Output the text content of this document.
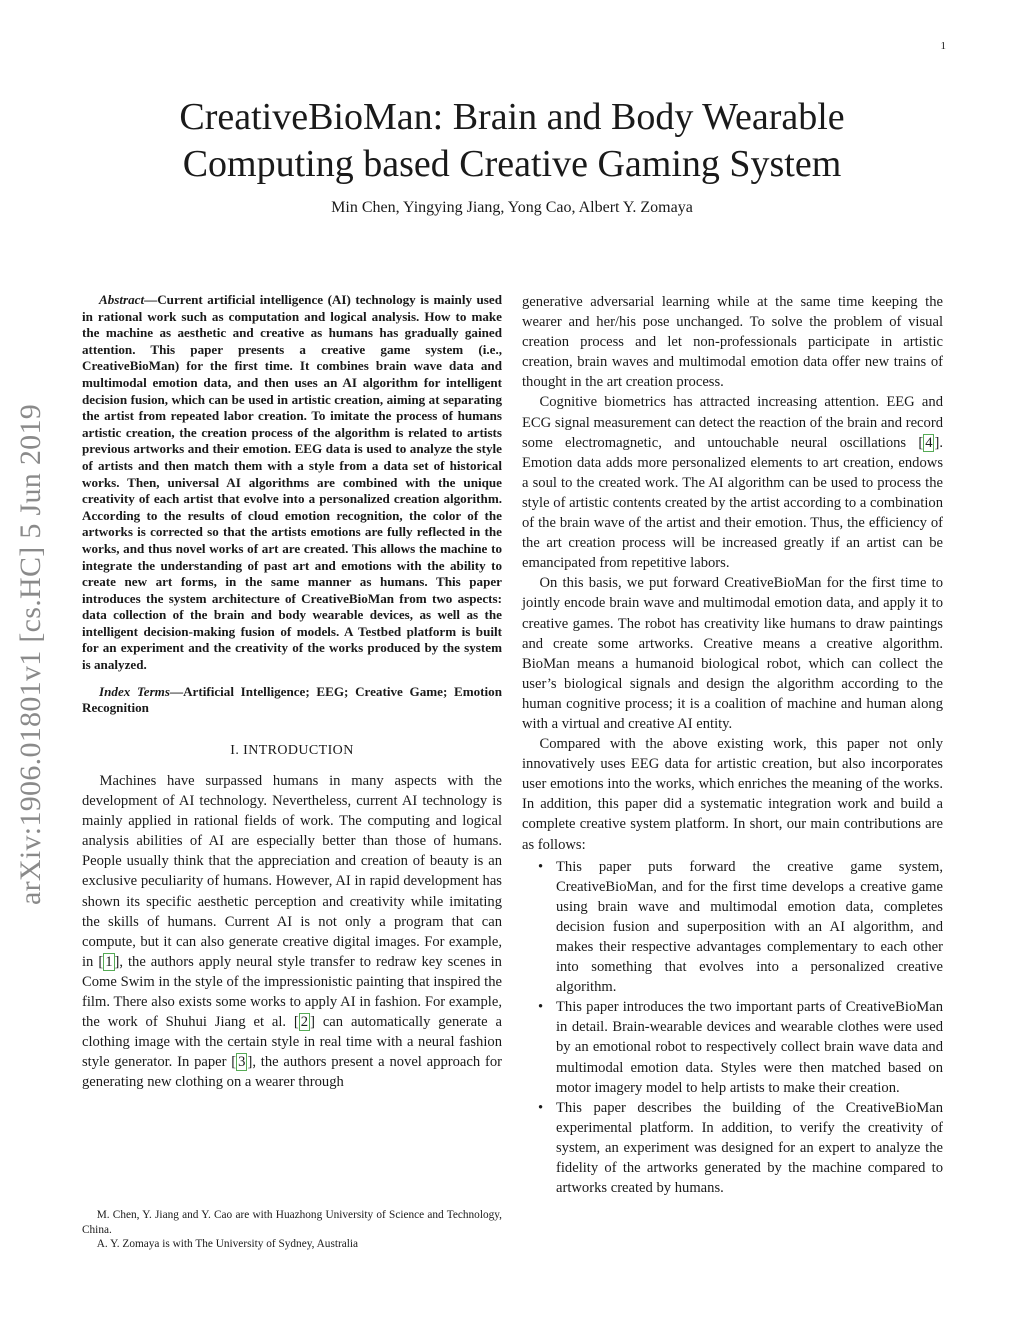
1
arXiv:1906.01801v1 [cs.HC] 5 Jun 2019
CreativeBioMan: Brain and Body Wearable
Computing based Creative Gaming System
Min Chen, Yingying Jiang, Yong Cao, Albert Y. Zomaya

Abstract—Current artificial intelligence (AI) technology is mainly used in rational work such as computation and logical analysis. How to make the machine as aesthetic and creative as humans has gradually gained attention. This paper presents a creative game system (i.e., CreativeBioMan) for the first time. It combines brain wave data and multimodal emotion data, and then uses an AI algorithm for intelligent decision fusion, which can be used in artistic creation, aiming at separating the artist from repeated labor creation. To imitate the process of humans artistic creation, the creation process of the algorithm is related to artists previous artworks and their emotion. EEG data is used to analyze the style of artists and then match them with a style from a data set of historical works. Then, universal AI algorithms are combined with the unique creativity of each artist that evolve into a personalized creation algorithm. According to the results of cloud emotion recognition, the color of the artworks is corrected so that the artists emotions are fully reflected in the works, and thus novel works of art are created. This allows the machine to integrate the understanding of past art and emotions with the ability to create new art forms, in the same manner as humans. This paper introduces the system architecture of CreativeBioMan from two aspects: data collection of the brain and body wearable devices, as well as the intelligent decision-making fusion of models. A Testbed platform is built for an experiment and the creativity of the works produced by the system is analyzed.

Index Terms—Artificial Intelligence; EEG; Creative Game; Emotion Recognition

I. INTRODUCTION

Machines have surpassed humans in many aspects with the development of AI technology. Nevertheless, current AI technology is mainly applied in rational fields of work. The computing and logical analysis abilities of AI are especially better than those of humans. People usually think that the appreciation and creation of beauty is an exclusive peculiarity of humans. However, AI in rapid development has shown its specific aesthetic perception and creativity while imitating the skills of humans. Current AI is not only a program that can compute, but it can also generate creative digital images. For example, in [ 1 ], the authors apply neural style transfer to redraw key scenes in Come Swim in the style of the impressionistic painting that inspired the film. There also exists some works to apply AI in fashion. For example, the work of Shuhui Jiang et al. [ 2 ] can automatically generate a clothing image with the certain style in real time with a neural fashion style generator. In paper [ 3 ], the authors present a novel approach for generating new clothing on a wearer through

M. Chen, Y. Jiang and Y. Cao are with Huazhong University of Science and Technology, China.

A. Y. Zomaya is with The University of Sydney, Australia

generative adversarial learning while at the same time keeping the wearer and her/his pose unchanged. To solve the problem of visual creation process and let non-professionals participate in artistic creation, brain waves and multimodal emotion data offer new trains of thought in the art creation process.

Cognitive biometrics has attracted increasing attention. EEG and ECG signal measurement can detect the reaction of the brain and record some electromagnetic, and untouchable neural oscillations [ 4 ]. Emotion data adds more personalized elements to art creation, endows a soul to the created work. The AI algorithm can be used to process the style of artistic contents created by the artist according to a combination of the brain wave of the artist and their emotion. Thus, the efficiency of the art creation process will be increased greatly if an artist can be emancipated from repetitive labors.

On this basis, we put forward CreativeBioMan for the first time to jointly encode brain wave and multimodal emotion data, and apply it to creative games. The robot has creativity like humans to draw paintings and create some artworks. Creative means a creative algorithm. BioMan means a humanoid biological robot, which can collect the user’s biological signals and design the algorithm according to the human cognitive process; it is a coalition of machine and human along with a virtual and creative AI entity.

Compared with the above existing work, this paper not only innovatively uses EEG data for artistic creation, but also incorporates user emotions into the works, which enriches the meaning of the works. In addition, this paper did a systematic integration work and build a complete creative system platform. In short, our main contributions are as follows:

• This paper puts forward the creative game system, CreativeBioMan, and for the first time develops a creative game using brain wave and multimodal emotion data, completes decision fusion and superposition with an AI algorithm, and makes their respective advantages complementary to each other into something that evolves into a personalized creative algorithm.
• This paper introduces the two important parts of CreativeBioMan in detail. Brain-wearable devices and wearable clothes were used by an emotional robot to respectively collect brain wave data and multimodal emotion data. Styles were then matched based on motor imagery model to help artists to make their creation.
• This paper describes the building of the CreativeBioMan experimental platform. In addition, to verify the creativity of system, an experiment was designed for an expert to analyze the fidelity of the artworks generated by the machine compared to artworks created by humans.
